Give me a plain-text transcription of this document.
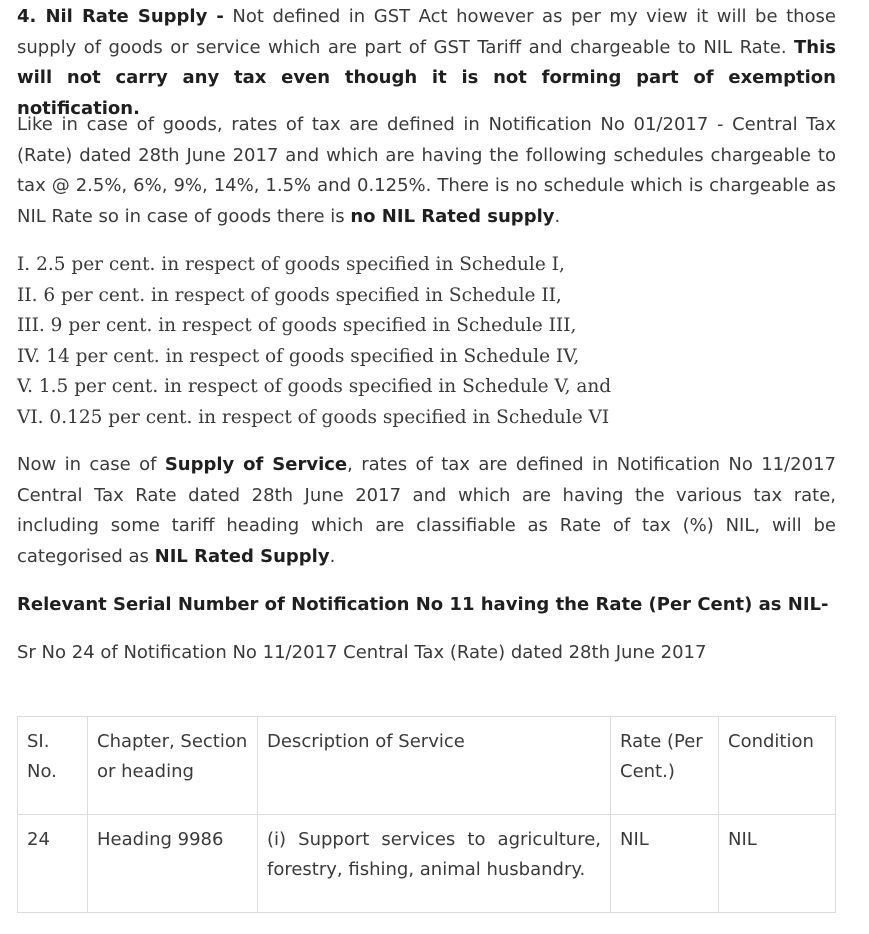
4. Nil Rate Supply - Not defined in GST Act however as per my view it will be those supply of goods or service which are part of GST Tariff and chargeable to NIL Rate. This will not carry any tax even though it is not forming part of exemption notification.

Like in case of goods, rates of tax are defined in Notification No 01/2017 - Central Tax (Rate) dated 28th June 2017 and which are having the following schedules chargeable to tax @ 2.5%, 6%, 9%, 14%, 1.5% and 0.125%. There is no schedule which is chargeable as NIL Rate so in case of goods there is no NIL Rated supply.

I. 2.5 per cent. in respect of goods specified in Schedule I,

II. 6 per cent. in respect of goods specified in Schedule II,

III. 9 per cent. in respect of goods specified in Schedule III,

IV. 14 per cent. in respect of goods specified in Schedule IV,

V. 1.5 per cent. in respect of goods specified in Schedule V, and

VI. 0.125 per cent. in respect of goods specified in Schedule VI

Now in case of Supply of Service, rates of tax are defined in Notification No 11/2017 Central Tax Rate dated 28th June 2017 and which are having the various tax rate, including some tariff heading which are classifiable as Rate of tax (%) NIL, will be categorised as NIL Rated Supply.

Relevant Serial Number of Notification No 11 having the Rate (Per Cent) as NIL-

Sr No 24 of Notification No 11/2017 Central Tax (Rate) dated 28th June 2017

SI. No.	Chapter, Section or heading	Description of Service	Rate (Per Cent.)	Condition
24	Heading 9986	(i) Support services to agriculture, forestry, fishing, animal husbandry.	NIL	NIL
